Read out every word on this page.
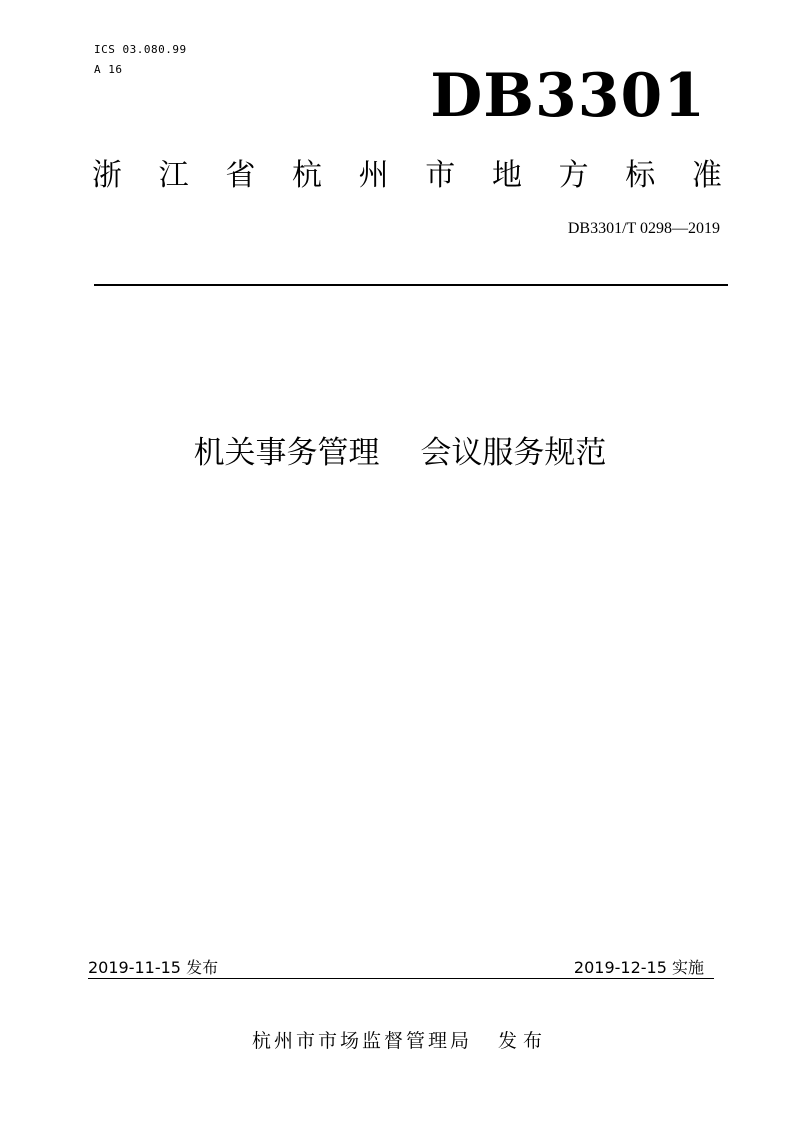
ICS 03.080.99
A 16	DB3301
浙 江 省 杭 州 市 地 方 标 准
DB3301/T 0298—2019
机关事务管理　 会议服务规范
2019-11-15 发布	2019-12-15 实施
杭州市市场监督管理局 发布
